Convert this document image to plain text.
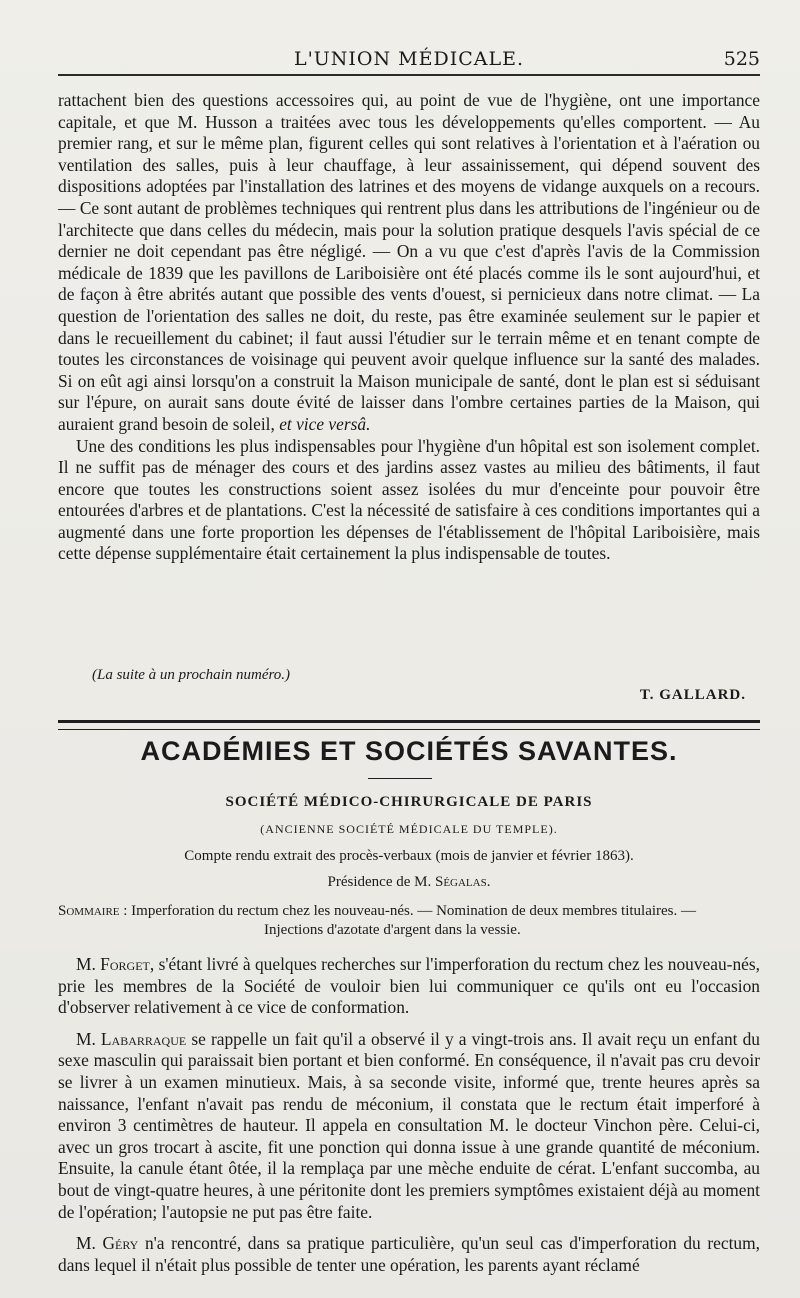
L'UNION MÉDICALE.	525

rattachent bien des questions accessoires qui, au point de vue de l'hygiène, ont une importance capitale, et que M. Husson a traitées avec tous les développements qu'elles comportent. — Au premier rang, et sur le même plan, figurent celles qui sont relatives à l'orientation et à l'aération ou ventilation des salles, puis à leur chauffage, à leur assainissement, qui dépend souvent des dispositions adoptées par l'installation des latrines et des moyens de vidange auxquels on a recours. — Ce sont autant de problèmes techniques qui rentrent plus dans les attributions de l'ingénieur ou de l'architecte que dans celles du médecin, mais pour la solution pratique desquels l'avis spécial de ce dernier ne doit cependant pas être négligé. — On a vu que c'est d'après l'avis de la Commission médicale de 1839 que les pavillons de Lariboisière ont été placés comme ils le sont aujourd'hui, et de façon à être abrités autant que possible des vents d'ouest, si pernicieux dans notre climat. — La question de l'orientation des salles ne doit, du reste, pas être examinée seulement sur le papier et dans le recueillement du cabinet; il faut aussi l'étudier sur le terrain même et en tenant compte de toutes les circonstances de voisinage qui peuvent avoir quelque influence sur la santé des malades. Si on eût agi ainsi lorsqu'on a construit la Maison municipale de santé, dont le plan est si séduisant sur l'épure, on aurait sans doute évité de laisser dans l'ombre certaines parties de la Maison, qui auraient grand besoin de soleil, et vice versâ.

Une des conditions les plus indispensables pour l'hygiène d'un hôpital est son isolement complet. Il ne suffit pas de ménager des cours et des jardins assez vastes au milieu des bâtiments, il faut encore que toutes les constructions soient assez isolées du mur d'enceinte pour pouvoir être entourées d'arbres et de plantations. C'est la nécessité de satisfaire à ces conditions importantes qui a augmenté dans une forte proportion les dépenses de l'établissement de l'hôpital Lariboisière, mais cette dépense supplémentaire était certainement la plus indispensable de toutes.

(La suite à un prochain numéro.)
T. GALLARD.
ACADÉMIES ET SOCIÉTÉS SAVANTES.
SOCIÉTÉ MÉDICO-CHIRURGICALE DE PARIS
(ANCIENNE SOCIÉTÉ MÉDICALE DU TEMPLE).
Compte rendu extrait des procès-verbaux (mois de janvier et février 1863).
Présidence de M. Ségalas.
Sommaire : Imperforation du rectum chez les nouveau-nés. — Nomination de deux membres titulaires. —
Injections d'azotate d'argent dans la vessie.

M. Forget, s'étant livré à quelques recherches sur l'imperforation du rectum chez les nouveau-nés, prie les membres de la Société de vouloir bien lui communiquer ce qu'ils ont eu l'occasion d'observer relativement à ce vice de conformation.

M. Labarraque se rappelle un fait qu'il a observé il y a vingt-trois ans. Il avait reçu un enfant du sexe masculin qui paraissait bien portant et bien conformé. En conséquence, il n'avait pas cru devoir se livrer à un examen minutieux. Mais, à sa seconde visite, informé que, trente heures après sa naissance, l'enfant n'avait pas rendu de méconium, il constata que le rectum était imperforé à environ 3 centimètres de hauteur. Il appela en consultation M. le docteur Vinchon père. Celui-ci, avec un gros trocart à ascite, fit une ponction qui donna issue à une grande quantité de méconium. Ensuite, la canule étant ôtée, il la remplaça par une mèche enduite de cérat. L'enfant succomba, au bout de vingt-quatre heures, à une péritonite dont les premiers symptômes existaient déjà au moment de l'opération; l'autopsie ne put pas être faite.

M. Géry n'a rencontré, dans sa pratique particulière, qu'un seul cas d'imperforation du rectum, dans lequel il n'était plus possible de tenter une opération, les parents ayant réclamé
